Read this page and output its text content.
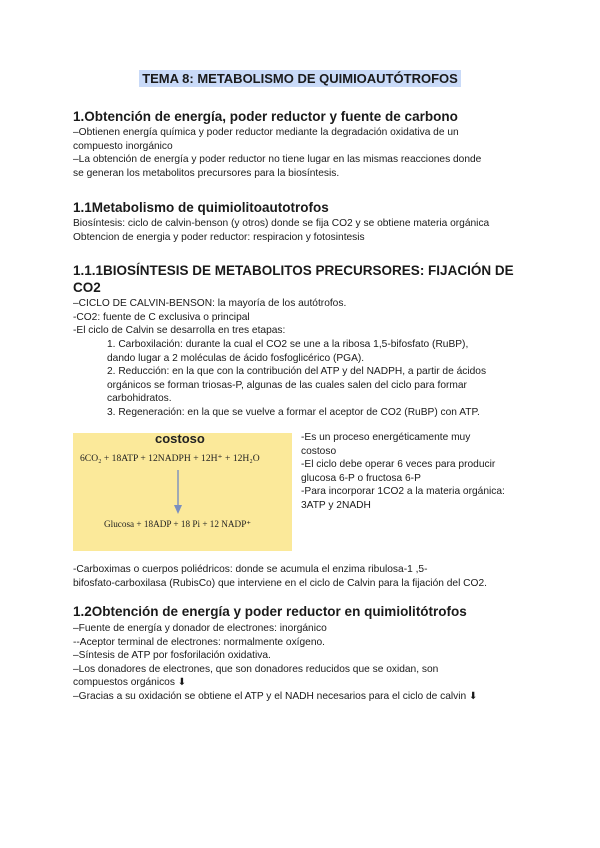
TEMA 8: METABOLISMO DE QUIMIOAUTÓTROFOS
1.Obtención de energía, poder reductor y fuente de carbono
–Obtienen energía química y poder reductor mediante la degradación oxidativa de un
compuesto inorgánico
–La obtención de energía y poder reductor no tiene lugar en las mismas reacciones donde
se generan los metabolitos precursores para la biosíntesis.
1.1Metabolismo de quimiolitoautotrofos
Biosíntesis: ciclo de calvin-benson (y otros) donde se fija CO2 y se obtiene materia orgánica
Obtencion de energia y poder reductor: respiracion y fotosintesis
1.1.1BIOSÍNTESIS DE METABOLITOS PRECURSORES: FIJACIÓN DE
CO2
–CICLO DE CALVIN-BENSON: la mayoría de los autótrofos.
-CO2: fuente de C exclusiva o principal
-El ciclo de Calvin se desarrolla en tres etapas:
1. Carboxilación: durante la cual el CO2 se une a la ribosa 1,5-bifosfato (RuBP),
dando lugar a 2 moléculas de ácido fosfoglicérico (PGA).
2. Reducción: en la que con la contribución del ATP y del NADPH, a partir de ácidos
orgánicos se forman triosas-P, algunas de las cuales salen del ciclo para formar
carbohidratos.
3. Regeneración: en la que se vuelve a formar el aceptor de CO2 (RuBP) con ATP.
costoso
6CO₂ + 18ATP + 12NADPH + 12H⁺ + 12H₂O
Glucosa + 18ADP + 18 Pi + 12 NADP⁺
-Es un proceso energéticamente muy
costoso
-El ciclo debe operar 6 veces para producir
glucosa 6-P o fructosa 6-P
-Para incorporar 1CO2 a la materia orgánica:
3ATP y 2NADH
-Carboximas o cuerpos poliédricos: donde se acumula el enzima ribulosa-1 ,5-
bifosfato-carboxilasa (RubisCo) que interviene en el ciclo de Calvin para la fijación del CO2.
1.2Obtención de energía y poder reductor en quimiolitótrofos
–Fuente de energía y donador de electrones: inorgánico
--Aceptor terminal de electrones: normalmente oxígeno.
–Síntesis de ATP por fosforilación oxidativa.
–Los donadores de electrones, que son donadores reducidos que se oxidan, son
compuestos orgánicos ⬇
–Gracias a su oxidación se obtiene el ATP y el NADH necesarios para el ciclo de calvin ⬇
